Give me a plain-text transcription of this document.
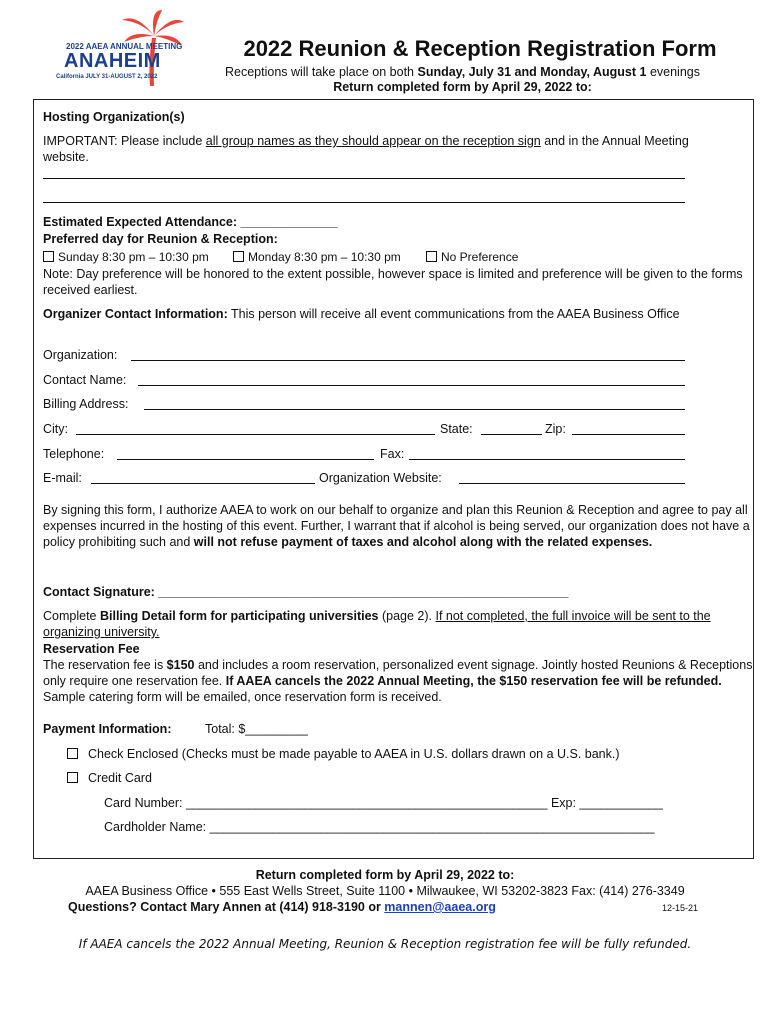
2022 AAEA ANNUAL MEETING
ANAHEIM
California JULY 31-AUGUST 2, 2022
2022 Reunion & Reception Registration Form
Receptions will take place on both Sunday, July 31 and Monday, August 1 evenings
Return completed form by April 29, 2022 to:
Hosting Organization(s)
IMPORTANT: Please include all group names as they should appear on the reception sign and in the Annual Meeting website.
Estimated Expected Attendance: ______________
Preferred day for Reunion & Reception:
Sunday 8:30 pm – 10:30 pm	Monday 8:30 pm – 10:30 pm	No Preference
Note: Day preference will be honored to the extent possible, however space is limited and preference will be given to the forms received earliest.
Organizer Contact Information: This person will receive all event communications from the AAEA Business Office
Organization:
Contact Name:
Billing Address:
City:	State:	Zip:
Telephone:	Fax:
E-mail:	Organization Website:
By signing this form, I authorize AAEA to work on our behalf to organize and plan this Reunion & Reception and agree to pay all expenses incurred in the hosting of this event. Further, I warrant that if alcohol is being served, our organization does not have a policy prohibiting such and will not refuse payment of taxes and alcohol along with the related expenses.
Contact Signature: ___________________________________________________________
Complete Billing Detail form for participating universities (page 2). If not completed, the full invoice will be sent to the organizing university.
Reservation Fee
The reservation fee is $150 and includes a room reservation, personalized event signage. Jointly hosted Reunions & Receptions only require one reservation fee. If AAEA cancels the 2022 Annual Meeting, the $150 reservation fee will be refunded. Sample catering form will be emailed, once reservation form is received.
Payment Information:	Total: $_________
Check Enclosed (Checks must be made payable to AAEA in U.S. dollars drawn on a U.S. bank.)
Credit Card
Card Number: ____________________________________________________ Exp: ____________
Cardholder Name: ________________________________________________________________
Return completed form by April 29, 2022 to:
AAEA Business Office • 555 East Wells Street, Suite 1100 • Milwaukee, WI 53202-3823 Fax: (414) 276-3349
Questions? Contact Mary Annen at (414) 918-3190 or mannen@aaea.org	12-15-21
If AAEA cancels the 2022 Annual Meeting, Reunion & Reception registration fee will be fully refunded.
